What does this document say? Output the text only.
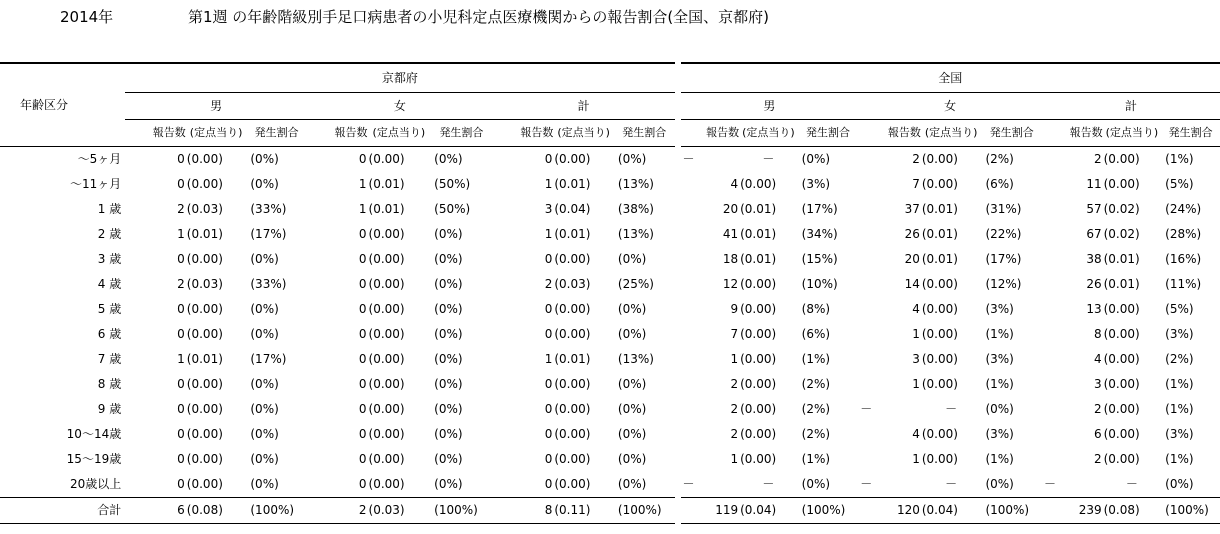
2014年	第1週 の年齢階級別手足口病患者の小児科定点医療機関からの報告割合(全国、京都府)
年齢区分	京都府										全国								
	男			女			計				男			女			計		
	報告数	(定点当り)	発生割合	報告数	(定点当り)	発生割合	報告数	(定点当り)	発生割合		報告数	(定点当り)	発生割合	報告数	(定点当り)	発生割合	報告数	(定点当り)	発生割合
〜5ヶ月	0	(0.00)	(0%)	0	(0.00)	(0%)	0	(0.00)	(0%)		－	－	(0%)	2	(0.00)	(2%)	2	(0.00)	(1%)
〜11ヶ月	0	(0.00)	(0%)	1	(0.01)	(50%)	1	(0.01)	(13%)		4	(0.00)	(3%)	7	(0.00)	(6%)	11	(0.00)	(5%)
1 歳	2	(0.03)	(33%)	1	(0.01)	(50%)	3	(0.04)	(38%)		20	(0.01)	(17%)	37	(0.01)	(31%)	57	(0.02)	(24%)
2 歳	1	(0.01)	(17%)	0	(0.00)	(0%)	1	(0.01)	(13%)		41	(0.01)	(34%)	26	(0.01)	(22%)	67	(0.02)	(28%)
3 歳	0	(0.00)	(0%)	0	(0.00)	(0%)	0	(0.00)	(0%)		18	(0.01)	(15%)	20	(0.01)	(17%)	38	(0.01)	(16%)
4 歳	2	(0.03)	(33%)	0	(0.00)	(0%)	2	(0.03)	(25%)		12	(0.00)	(10%)	14	(0.00)	(12%)	26	(0.01)	(11%)
5 歳	0	(0.00)	(0%)	0	(0.00)	(0%)	0	(0.00)	(0%)		9	(0.00)	(8%)	4	(0.00)	(3%)	13	(0.00)	(5%)
6 歳	0	(0.00)	(0%)	0	(0.00)	(0%)	0	(0.00)	(0%)		7	(0.00)	(6%)	1	(0.00)	(1%)	8	(0.00)	(3%)
7 歳	1	(0.01)	(17%)	0	(0.00)	(0%)	1	(0.01)	(13%)		1	(0.00)	(1%)	3	(0.00)	(3%)	4	(0.00)	(2%)
8 歳	0	(0.00)	(0%)	0	(0.00)	(0%)	0	(0.00)	(0%)		2	(0.00)	(2%)	1	(0.00)	(1%)	3	(0.00)	(1%)
9 歳	0	(0.00)	(0%)	0	(0.00)	(0%)	0	(0.00)	(0%)		2	(0.00)	(2%)	－	－	(0%)	2	(0.00)	(1%)
10〜14歳	0	(0.00)	(0%)	0	(0.00)	(0%)	0	(0.00)	(0%)		2	(0.00)	(2%)	4	(0.00)	(3%)	6	(0.00)	(3%)
15〜19歳	0	(0.00)	(0%)	0	(0.00)	(0%)	0	(0.00)	(0%)		1	(0.00)	(1%)	1	(0.00)	(1%)	2	(0.00)	(1%)
20歳以上	0	(0.00)	(0%)	0	(0.00)	(0%)	0	(0.00)	(0%)		－	－	(0%)	－	－	(0%)	－	－	(0%)
合計	6	(0.08)	(100%)	2	(0.03)	(100%)	8	(0.11)	(100%)		119	(0.04)	(100%)	120	(0.04)	(100%)	239	(0.08)	(100%)
